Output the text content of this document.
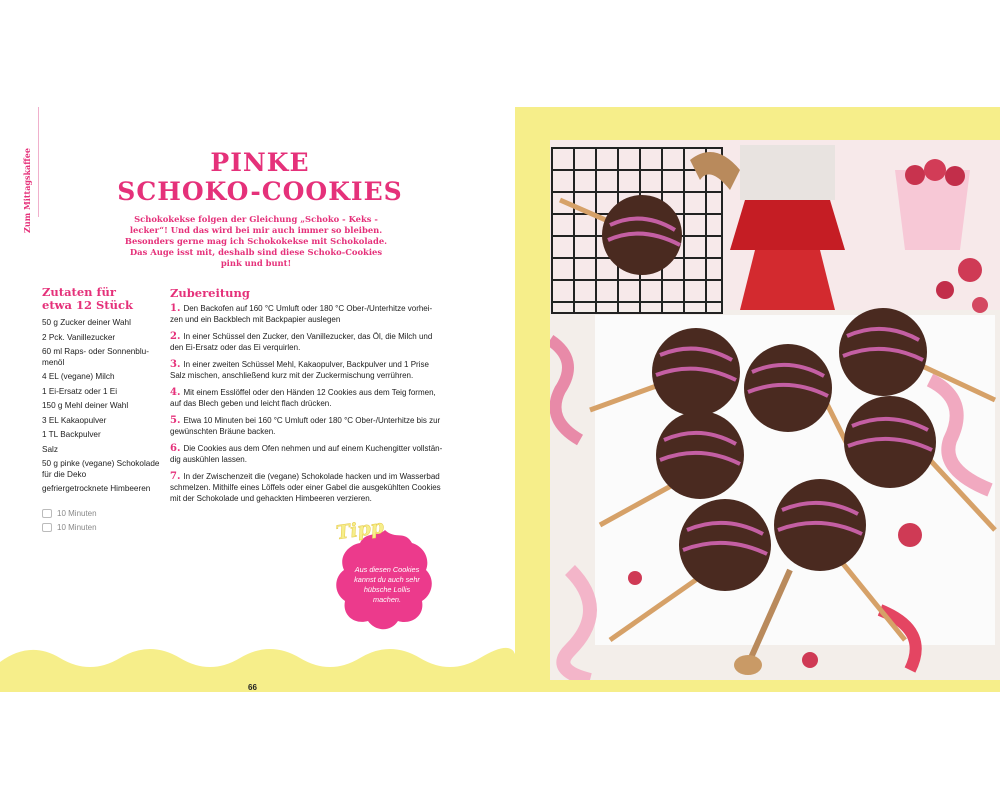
Zum Mittagskaffee	PINKE
SCHOKO-COOKIES
Schokokekse folgen der Gleichung „Schoko - Keks - lecker“! Und das wird bei mir auch immer so bleiben. Besonders gerne mag ich Schokokekse mit Schokolade. Das Auge isst mit, deshalb sind diese Schoko-Cookies pink und bunt!
Zutaten für
etwa 12 Stück
50 g Zucker deiner Wahl
2 Pck. Vanillezucker
60 ml Raps- oder Sonnenblu-menöl
4 EL (vegane) Milch
1 Ei-Ersatz oder 1 Ei
150 g Mehl deiner Wahl
3 EL Kakaopulver
1 TL Backpulver
Salz
50 g pinke (vegane) Schokolade für die Deko
gefriergetrocknete Himbeeren
10 Minuten
10 Minuten
Zubereitung
1. Den Backofen auf 160 °C Umluft oder 180 °C Ober-/Unterhitze vorhei-zen und ein Backblech mit Backpapier auslegen
2. In einer Schüssel den Zucker, den Vanillezucker, das Öl, die Milch und den Ei-Ersatz oder das Ei verquirlen.
3. In einer zweiten Schüssel Mehl, Kakaopulver, Backpulver und 1 Prise Salz mischen, anschließend kurz mit der Zuckermischung verrühren.
4. Mit einem Esslöffel oder den Händen 12 Cookies aus dem Teig formen, auf das Blech geben und leicht flach drücken.
5. Etwa 10 Minuten bei 160 °C Umluft oder 180 °C Ober-/Unterhitze bis zur gewünschten Bräune backen.
6. Die Cookies aus dem Ofen nehmen und auf einem Kuchengitter vollstän-dig auskühlen lassen.
7. In der Zwischenzeit die (vegane) Schokolade hacken und im Wasserbad schmelzen. Mithilfe eines Löffels oder einer Gabel die ausgekühlten Cookies mit der Schokolade und gehackten Himbeeren verzieren.
Tipp
Aus diesen Cookies kannst du auch sehr hübsche Lollis machen.
66
